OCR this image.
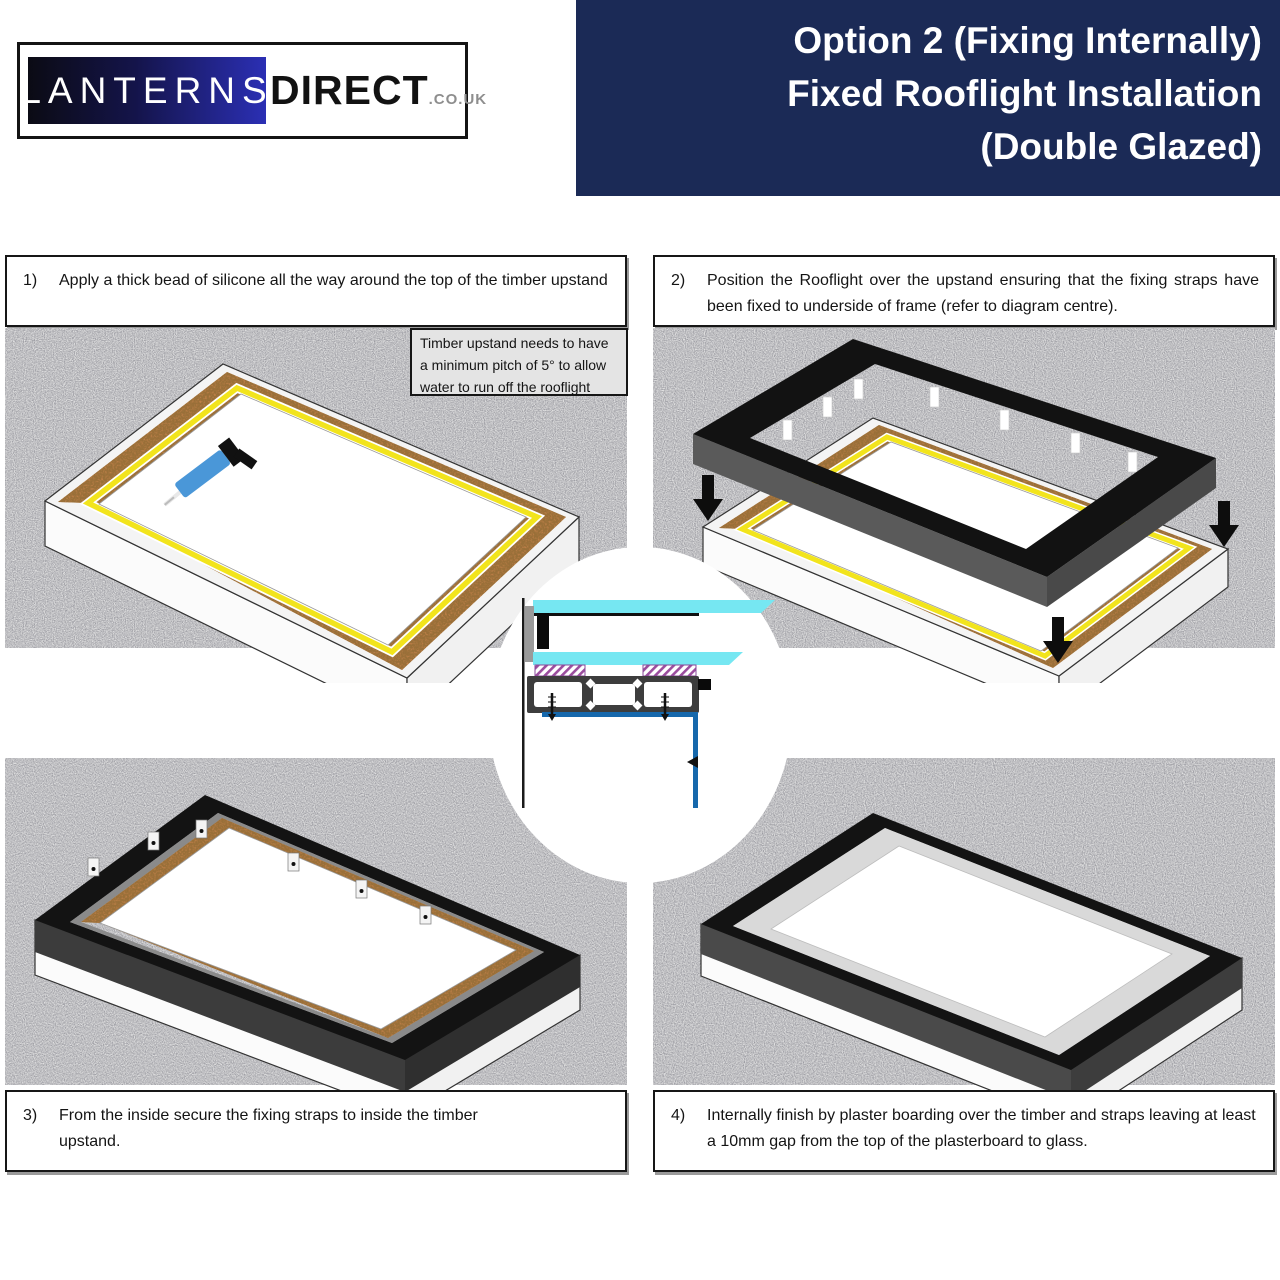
LANTERNS
DIRECT .CO.UK
Option 2 (Fixing Internally)
Fixed Rooflight Installation
(Double Glazed)
1)	Apply a thick bead of silicone all the way around the top of the timber upstand	2)	Position the Rooflight over the upstand ensuring that the fixing straps have been fixed to underside of frame (refer to diagram centre).
3)	From the inside secure the fixing straps to inside the timber upstand.
4)	Internally finish by plaster boarding over the timber and straps leaving at least a 10mm gap from the top of the plasterboard to glass.
Timber upstand needs to have a minimum pitch of 5° to allow water to run off the rooflight
